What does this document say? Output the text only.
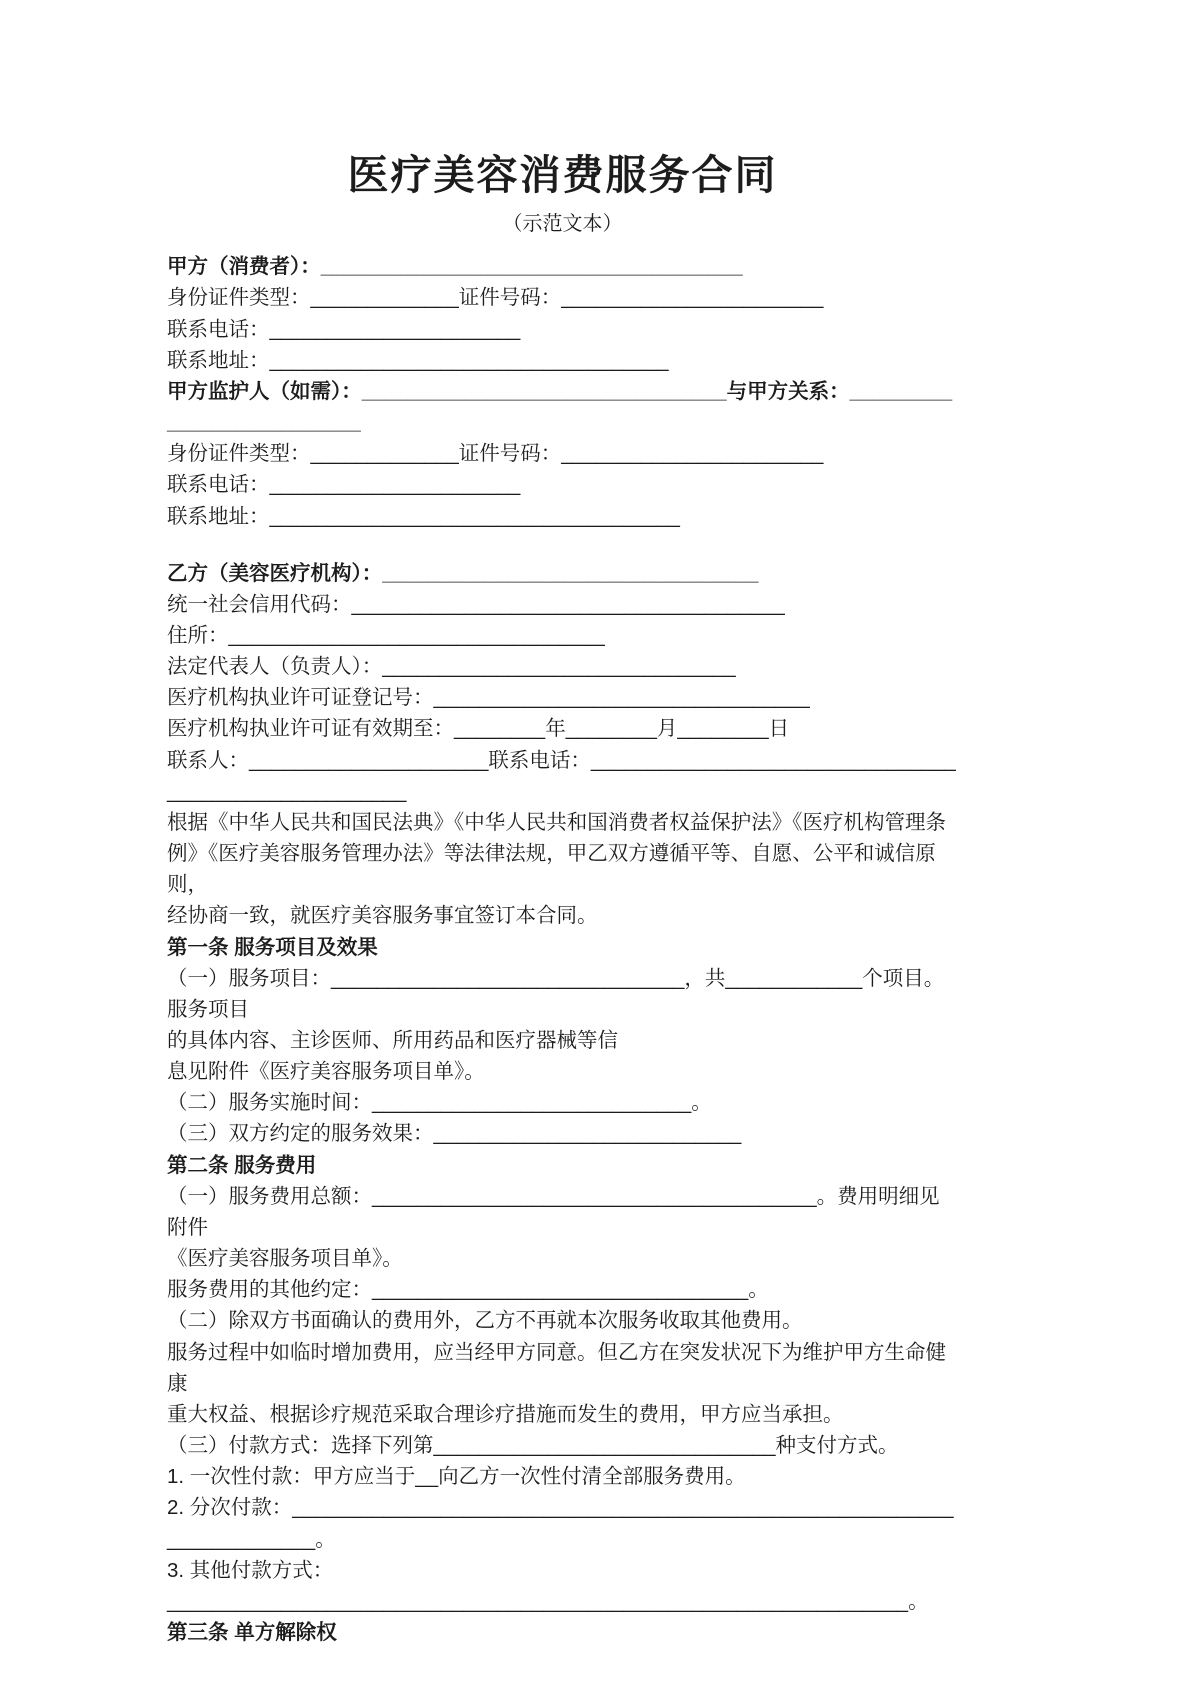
医疗美容消费服务合同

（示范文本）

甲方（消费者）：_____________________________________

身份证件类型：_____________证件号码：_______________________

联系电话：______________________

联系地址：___________________________________

甲方监护人（如需）：________________________________与甲方关系：__________________________

身份证件类型：_____________证件号码：_______________________

联系电话：______________________

联系地址：____________________________________

乙方（美容医疗机构）：_________________________________

统一社会信用代码：______________________________________

住所：_________________________________

法定代表人（负责人）：_______________________________

医疗机构执业许可证登记号：_________________________________

医疗机构执业许可证有效期至：________年________月________日

联系人：_____________________联系电话：_____________________________________________________

根据《中华人民共和国民法典》《中华人民共和国消费者权益保护法》《医疗机构管理条

例》《医疗美容服务管理办法》等法律法规，甲乙双方遵循平等、自愿、公平和诚信原则，

经协商一致，就医疗美容服务事宜签订本合同。

第一条 服务项目及效果

（一）服务项目：_______________________________，共____________个项目。服务项目

的具体内容、主诊医师、所用药品和医疗器械等信

息见附件《医疗美容服务项目单》。

（二）服务实施时间：____________________________。

（三）双方约定的服务效果：___________________________

第二条 服务费用

（一）服务费用总额：_______________________________________。费用明细见附件

《医疗美容服务项目单》。

服务费用的其他约定：_________________________________。

（二）除双方书面确认的费用外，乙方不再就本次服务收取其他费用。

服务过程中如临时增加费用，应当经甲方同意。但乙方在突发状况下为维护甲方生命健康

重大权益、根据诊疗规范采取合理诊疗措施而发生的费用，甲方应当承担。

（三）付款方式：选择下列第______________________________种支付方式。

1. 一次性付款：甲方应当于__向乙方一次性付清全部服务费用。

2. 分次付款：_______________________________________________________________________。

3. 其他付款方式：

_________________________________________________________________。

第三条 单方解除权
